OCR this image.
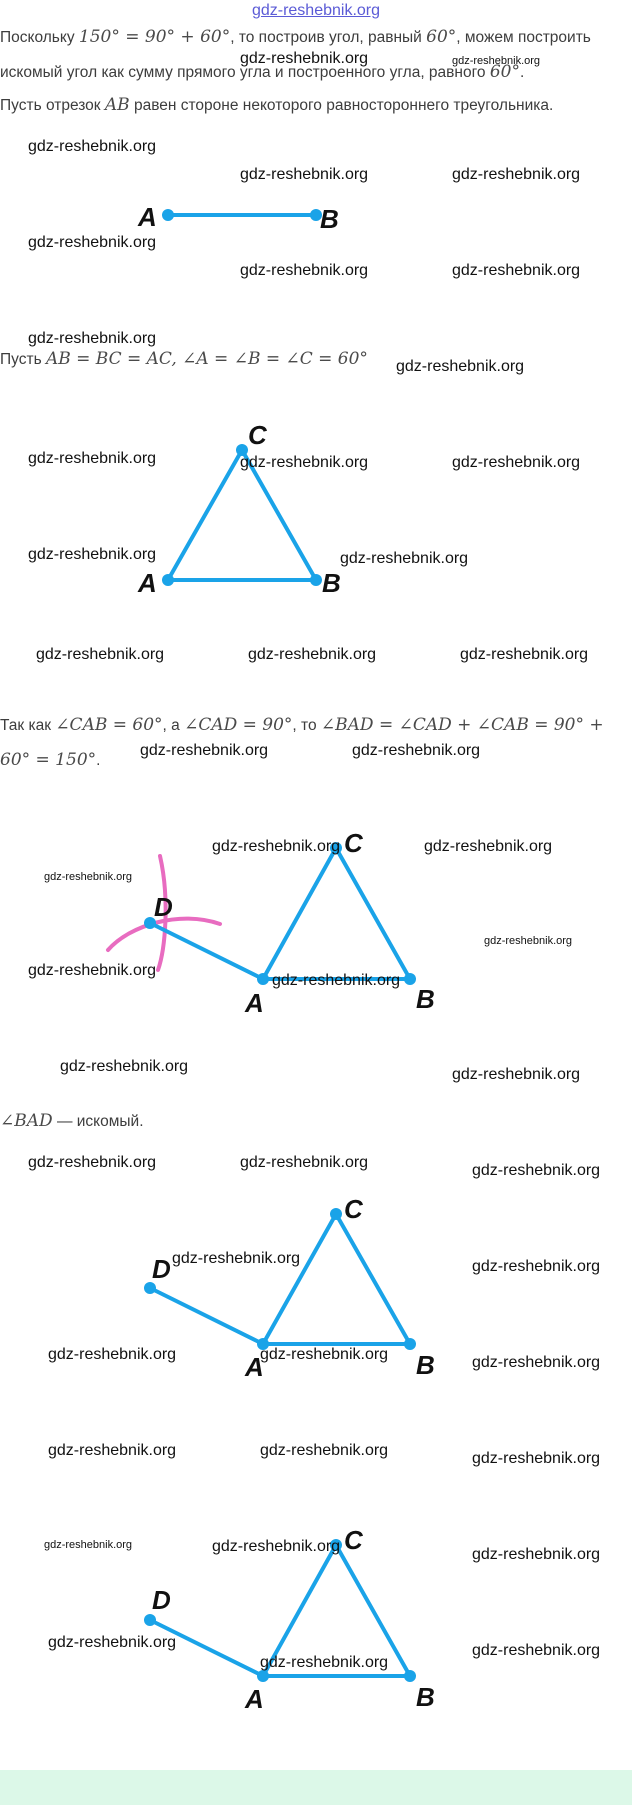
gdz-reshebnik.org
Поскольку 150° = 90° + 60°, то построив угол, равный 60°, можем построить искомый угол как сумму прямого угла и построенного угла, равного 60°.
Пусть отрезок AB равен стороне некоторого равностороннего треугольника.
A	B
Пусть AB = BC = AC, ∠A = ∠B = ∠C = 60°
A	B
C
Так как ∠CAB = 60°, а ∠CAD = 90°, то ∠BAD = ∠CAD + ∠CAB = 90° + 60° = 150°.
D
A	B
C
∠BAD — искомый.
D
A	B
C
D
A	B
C
gdz-reshebnik.org	gdz-reshebnik.org
gdz-reshebnik.org
gdz-reshebnik.org	gdz-reshebnik.org
gdz-reshebnik.org
gdz-reshebnik.org	gdz-reshebnik.org
gdz-reshebnik.org
gdz-reshebnik.org
gdz-reshebnik.org	gdz-reshebnik.org	gdz-reshebnik.org
gdz-reshebnik.org	gdz-reshebnik.org
gdz-reshebnik.org	gdz-reshebnik.org	gdz-reshebnik.org
gdz-reshebnik.org	gdz-reshebnik.org
gdz-reshebnik.org	gdz-reshebnik.org
gdz-reshebnik.org
gdz-reshebnik.org
gdz-reshebnik.org
gdz-reshebnik.org
gdz-reshebnik.org	gdz-reshebnik.org
gdz-reshebnik.org	gdz-reshebnik.org	gdz-reshebnik.org
gdz-reshebnik.org	gdz-reshebnik.org
gdz-reshebnik.org	gdz-reshebnik.org	gdz-reshebnik.org
gdz-reshebnik.org	gdz-reshebnik.org	gdz-reshebnik.org
gdz-reshebnik.org	gdz-reshebnik.org	gdz-reshebnik.org
gdz-reshebnik.org	gdz-reshebnik.org
gdz-reshebnik.org
